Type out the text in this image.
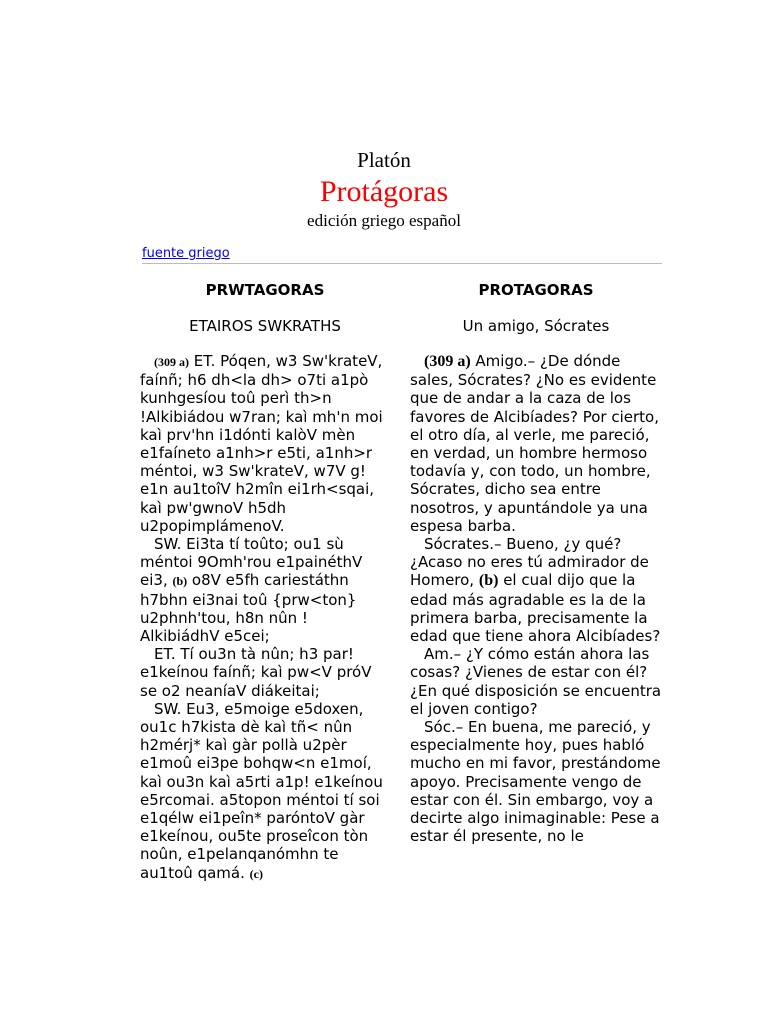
Platón

Protágoras

edición griego español

fuente griego

PRWTAGORAS

ETAIROS SWKRATHS

(309 a) ET. Póqen, w3 Sw'krateV, faínñ; h6 dh<la dh> o7ti a1pò kunhgesíou toû perì th>n !Alkibiádou w7ran; kaì mh'n moi kaì prv'hn i1dónti kalòV mèn e1faíneto a1nh>r e5ti, a1nh>r méntoi, w3 Sw'krateV, w7V g! e1n au1toîV h2mîn ei1rh<sqai, kaì pw'gwnoV h5dh u2popimplámenoV.

SW. Ei3ta tí toûto; ou1 sù méntoi 9Omh'rou e1painéthV ei3, (b) o8V e5fh cariestáthn h7bhn ei3nai toû {prw<ton} u2phnh'tou, h8n nûn ! AlkibiádhV e5cei;

ET. Tí ou3n tà nûn; h3 par! e1keínou faínñ; kaì pw<V próV se o2 neaníaV diákeitai;

SW. Eu3, e5moige e5doxen, ou1c h7kista dè kaì tñ< nûn h2mérj* kaì gàr pollà u2pèr e1moû ei3pe bohqw<n e1moí, kaì ou3n kaì a5rti a1p! e1keínou e5rcomai. a5topon méntoi tí soi e1qélw ei1peîn* paróntoV gàr e1keínou, ou5te proseîcon tòn noûn, e1pelanqanómhn te au1toû qamá. (c)

PROTAGORAS

Un amigo, Sócrates

(309 a) Amigo.– ¿De dónde sales, Sócrates? ¿No es evidente que de andar a la caza de los favores de Alcibíades? Por cierto, el otro día, al verle, me pareció, en verdad, un hombre hermoso todavía y, con todo, un hombre, Sócrates, dicho sea entre nosotros, y apuntándole ya una espesa barba.

Sócrates.– Bueno, ¿y qué? ¿Acaso no eres tú admirador de Homero, (b) el cual dijo que la edad más agradable es la de la primera barba, precisamente la edad que tiene ahora Alcibíades?

Am.– ¿Y cómo están ahora las cosas? ¿Vienes de estar con él? ¿En qué disposición se encuentra el joven contigo?

Sóc.– En buena, me pareció, y especialmente hoy, pues habló mucho en mi favor, prestándome apoyo. Precisamente vengo de estar con él. Sin embargo, voy a decirte algo inimaginable: Pese a estar él presente, no le
